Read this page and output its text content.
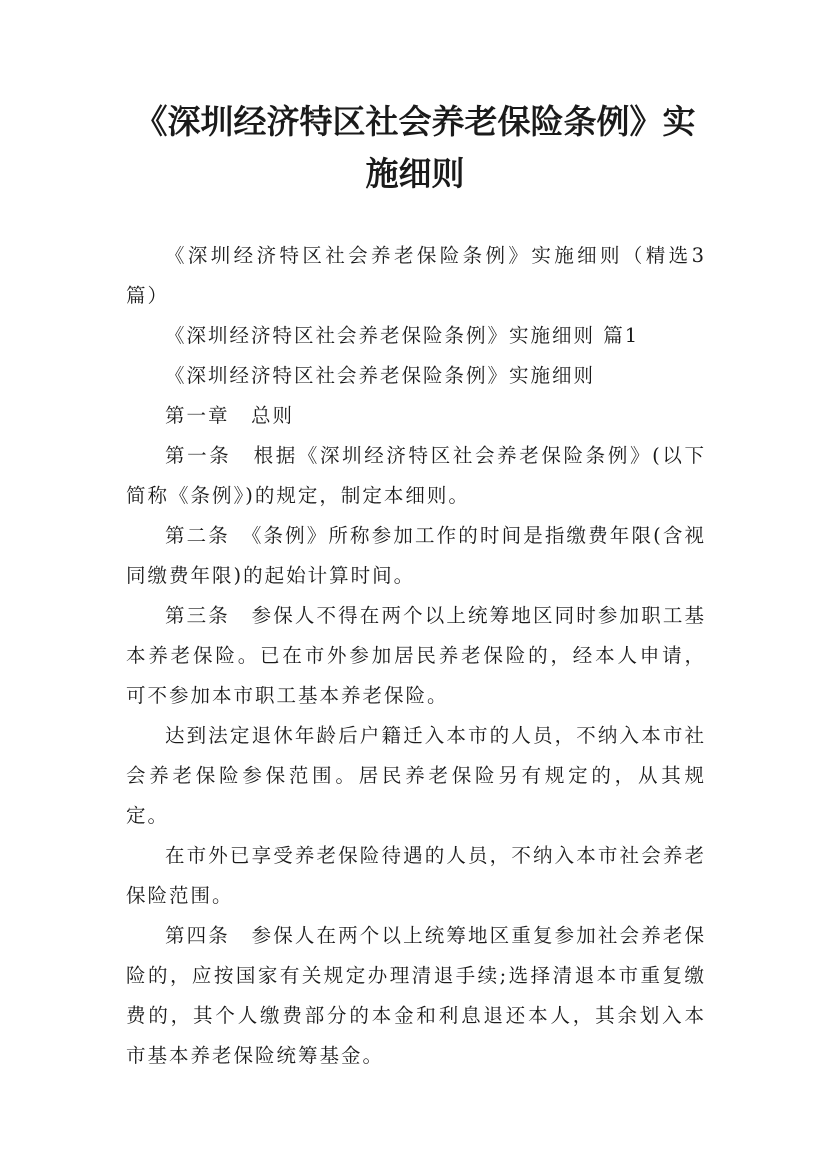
《深圳经济特区社会养老保险条例》实施细则

《深圳经济特区社会养老保险条例》实施细则（精选3篇）

《深圳经济特区社会养老保险条例》实施细则 篇1

《深圳经济特区社会养老保险条例》实施细则

第一章　总则

第一条　根据《深圳经济特区社会养老保险条例》(以下简称《条例》)的规定，制定本细则。

第二条　《条例》所称参加工作的时间是指缴费年限(含视同缴费年限)的起始计算时间。

第三条　参保人不得在两个以上统筹地区同时参加职工基本养老保险。已在市外参加居民养老保险的，经本人申请，可不参加本市职工基本养老保险。

达到法定退休年龄后户籍迁入本市的人员，不纳入本市社会养老保险参保范围。居民养老保险另有规定的，从其规定。

在市外已享受养老保险待遇的人员，不纳入本市社会养老保险范围。

第四条　参保人在两个以上统筹地区重复参加社会养老保险的，应按国家有关规定办理清退手续;选择清退本市重复缴费的，其个人缴费部分的本金和利息退还本人，其余划入本市基本养老保险统筹基金。
